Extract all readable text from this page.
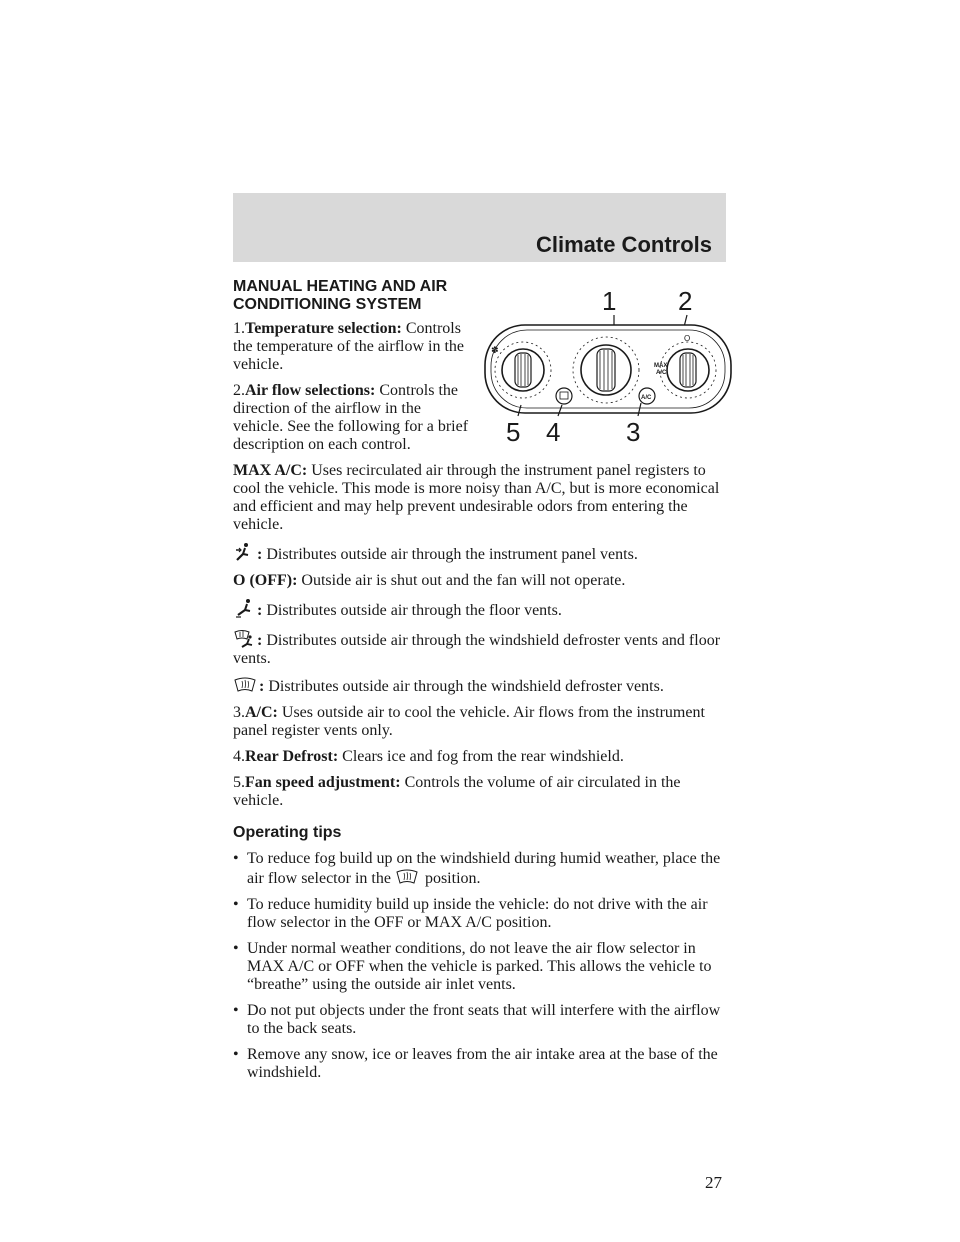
Climate Controls
1 2
✽
MAX
A/C
O
A/C
5 4	3
MANUAL HEATING AND AIR
CONDITIONING SYSTEM

1.Temperature selection: Controls the temperature of the airflow in the vehicle.

2.Air flow selections: Controls the direction of the airflow in the vehicle. See the following for a brief description on each control.

MAX A/C: Uses recirculated air through the instrument panel registers to cool the vehicle. This mode is more noisy than A/C, but is more economical and efficient and may help prevent undesirable odors from entering the vehicle.

: Distributes outside air through the instrument panel vents.

O (OFF): Outside air is shut out and the fan will not operate.

: Distributes outside air through the floor vents.

: Distributes outside air through the windshield defroster vents and floor vents.

: Distributes outside air through the windshield defroster vents.

3.A/C: Uses outside air to cool the vehicle. Air flows from the instrument panel register vents only.

4.Rear Defrost: Clears ice and fog from the rear windshield.

5.Fan speed adjustment: Controls the volume of air circulated in the vehicle.

Operating tips
• To reduce fog build up on the windshield during humid weather, place the air flow selector in the  position.
• To reduce humidity build up inside the vehicle: do not drive with the air flow selector in the OFF or MAX A/C position.
• Under normal weather conditions, do not leave the air flow selector in MAX A/C or OFF when the vehicle is parked. This allows the vehicle to “breathe” using the outside air inlet vents.
• Do not put objects under the front seats that will interfere with the airflow to the back seats.
• Remove any snow, ice or leaves from the air intake area at the base of the windshield.
27
